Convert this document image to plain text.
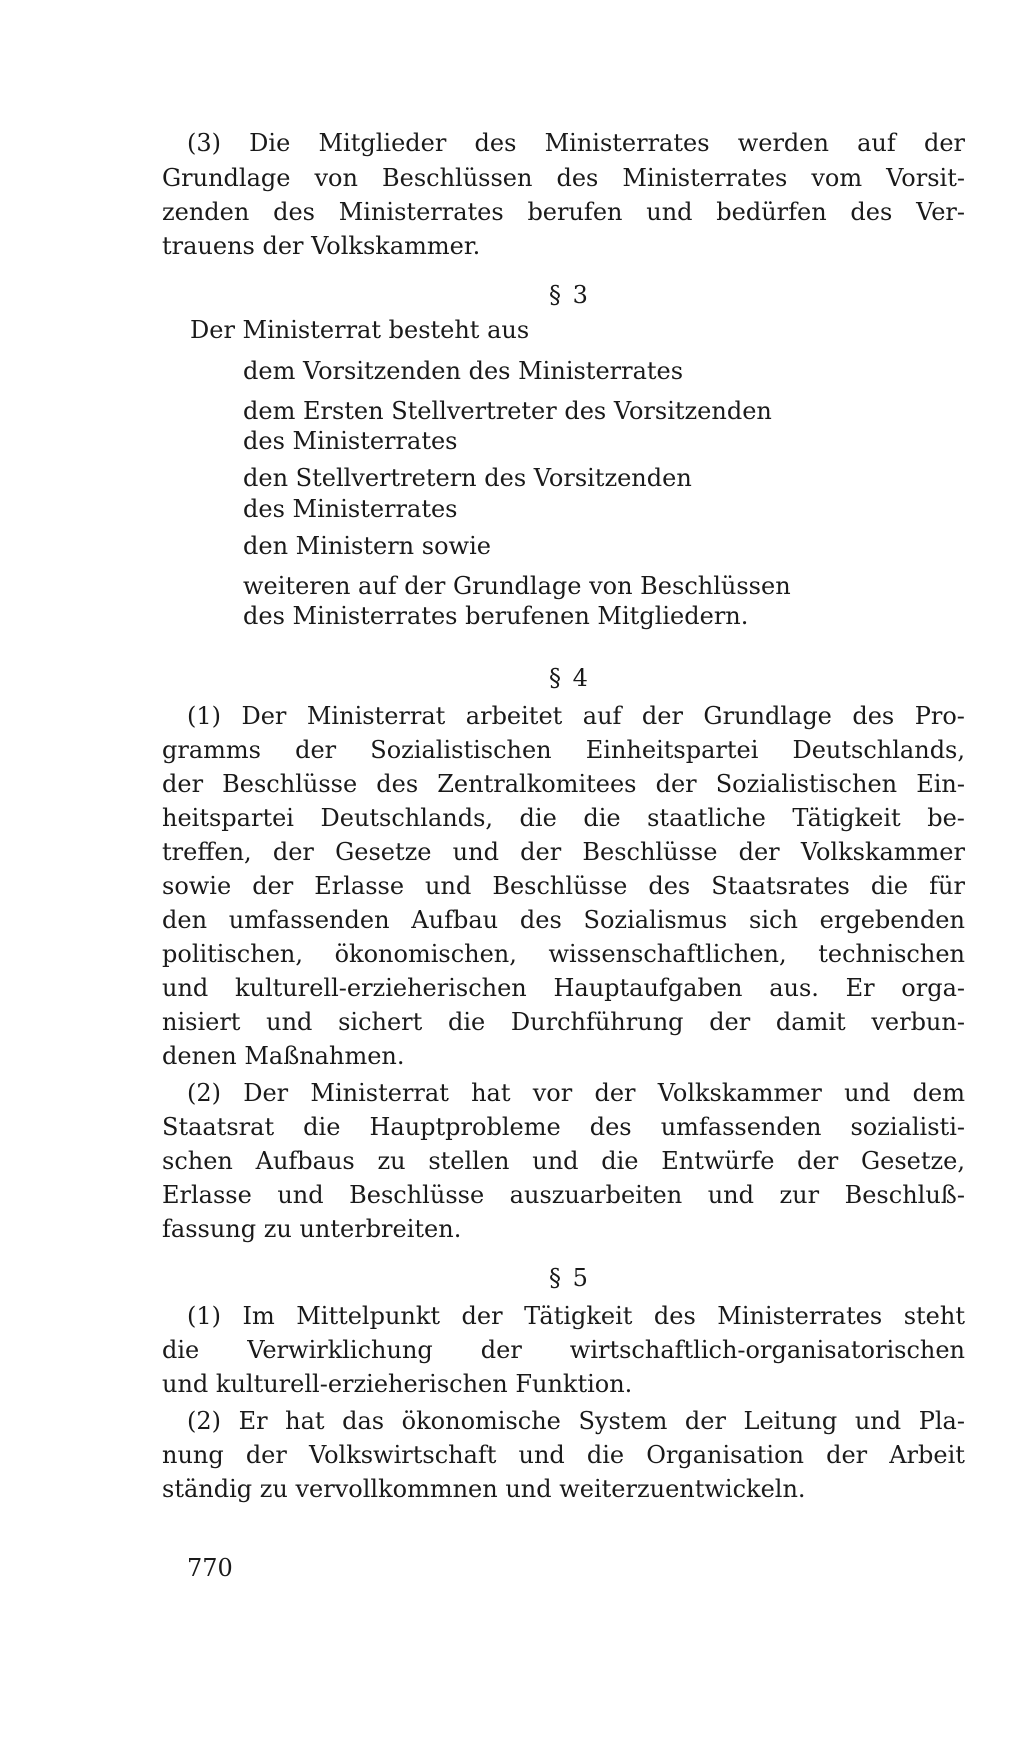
(3) Die Mitglieder des Ministerrates werden auf der
Grundlage von Beschlüssen des Ministerrates vom Vorsit-
zenden des Ministerrates berufen und bedürfen des Ver-
trauens der Volkskammer.
§ 3
Der Ministerrat besteht aus
dem Vorsitzenden des Ministerrates
dem Ersten Stellvertreter des Vorsitzenden
des Ministerrates
den Stellvertretern des Vorsitzenden
des Ministerrates
den Ministern sowie
weiteren auf der Grundlage von Beschlüssen
des Ministerrates berufenen Mitgliedern.
§ 4
(1) Der Ministerrat arbeitet auf der Grundlage des Pro-
gramms der Sozialistischen Einheitspartei Deutschlands,
der Beschlüsse des Zentralkomitees der Sozialistischen Ein-
heitspartei Deutschlands, die die staatliche Tätigkeit be-
treffen, der Gesetze und der Beschlüsse der Volkskammer
sowie der Erlasse und Beschlüsse des Staatsrates die für
den umfassenden Aufbau des Sozialismus sich ergebenden
politischen, ökonomischen, wissenschaftlichen, technischen
und kulturell-erzieherischen Hauptaufgaben aus. Er orga-
nisiert und sichert die Durchführung der damit verbun-
denen Maßnahmen.
(2) Der Ministerrat hat vor der Volkskammer und dem
Staatsrat die Hauptprobleme des umfassenden sozialisti-
schen Aufbaus zu stellen und die Entwürfe der Gesetze,
Erlasse und Beschlüsse auszuarbeiten und zur Beschluß-
fassung zu unterbreiten.
§ 5
(1) Im Mittelpunkt der Tätigkeit des Ministerrates steht
die Verwirklichung der wirtschaftlich-organisatorischen
und kulturell-erzieherischen Funktion.
(2) Er hat das ökonomische System der Leitung und Pla-
nung der Volkswirtschaft und die Organisation der Arbeit
ständig zu vervollkommnen und weiterzuentwickeln.
770
